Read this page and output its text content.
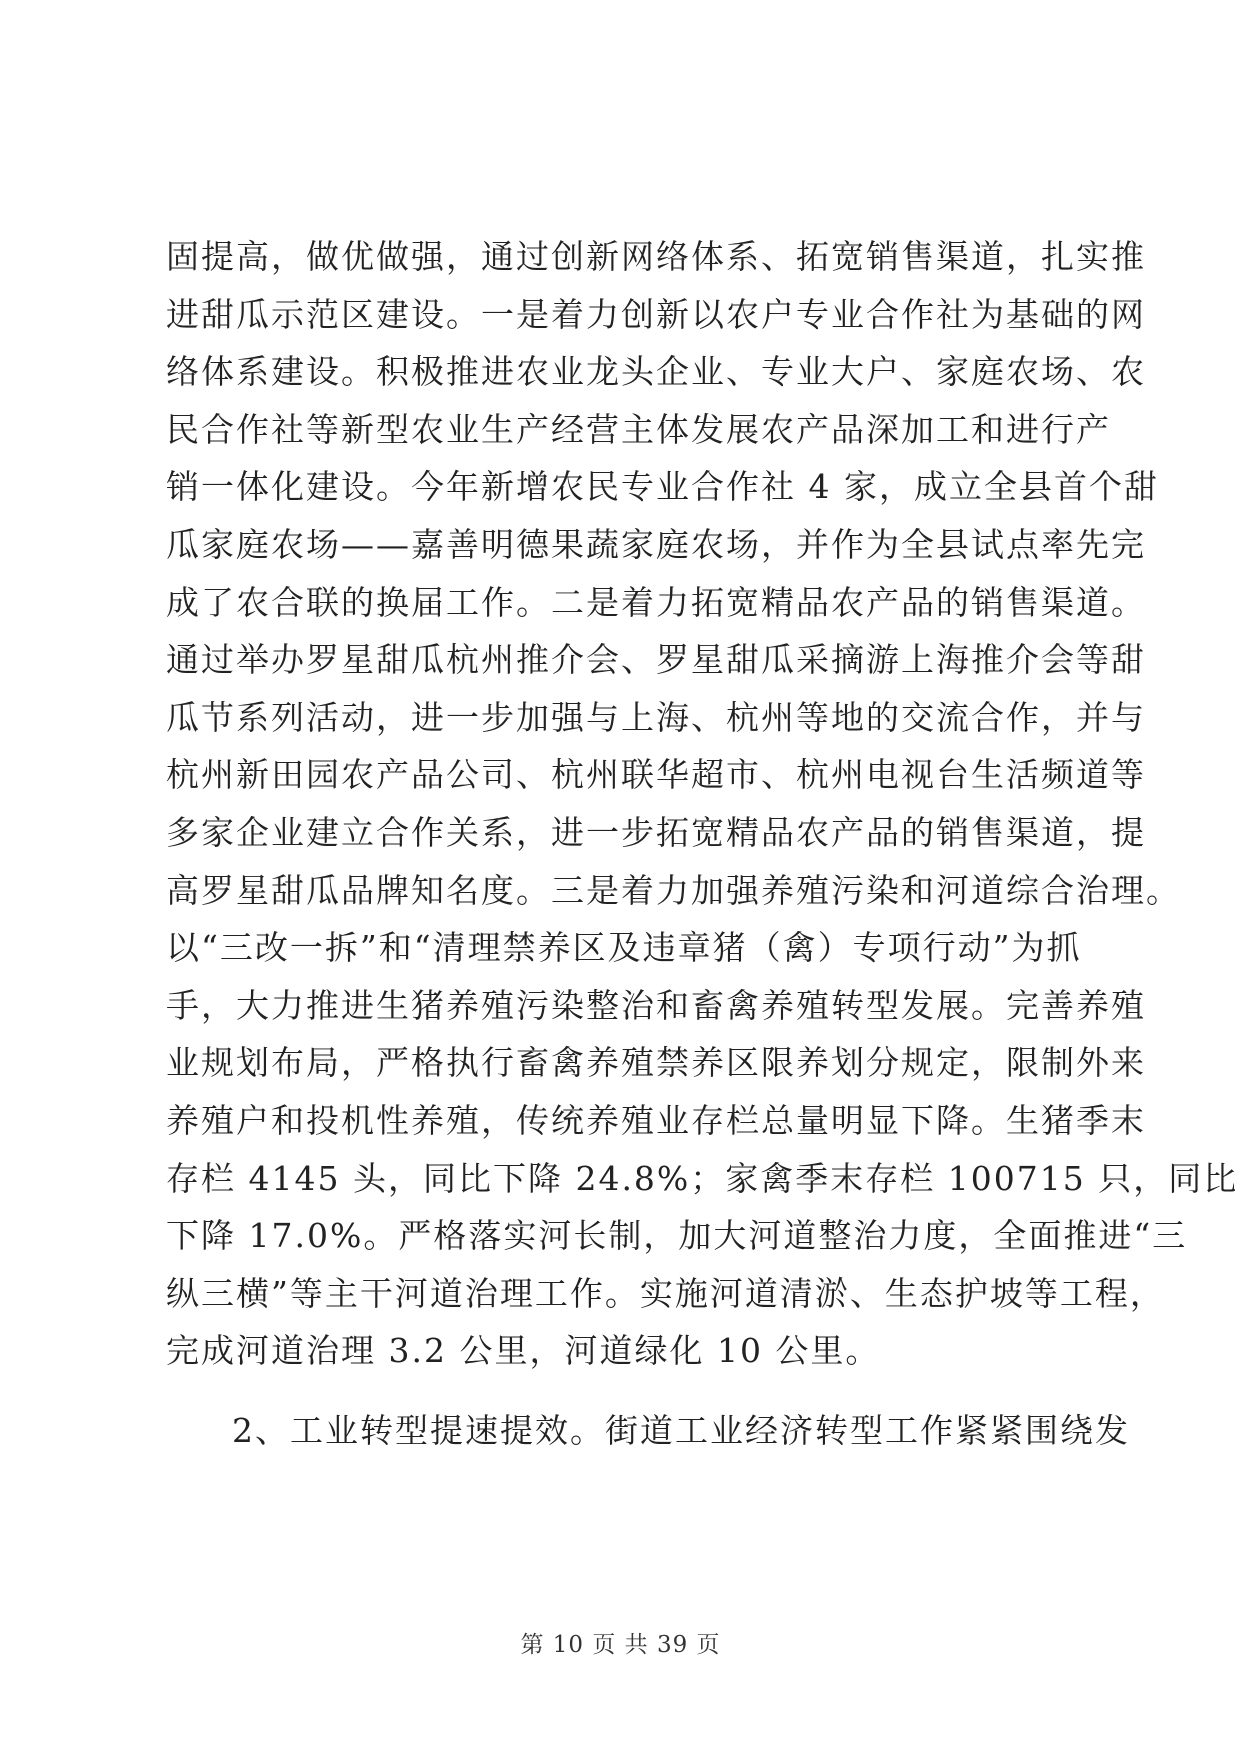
固提高，做优做强，通过创新网络体系、拓宽销售渠道，扎实推
进甜瓜示范区建设。一是着力创新以农户专业合作社为基础的网
络体系建设。积极推进农业龙头企业、专业大户、家庭农场、农
民合作社等新型农业生产经营主体发展农产品深加工和进行产
销一体化建设。今年新增农民专业合作社 4 家，成立全县首个甜
瓜家庭农场——嘉善明德果蔬家庭农场，并作为全县试点率先完
成了农合联的换届工作。二是着力拓宽精品农产品的销售渠道。
通过举办罗星甜瓜杭州推介会、罗星甜瓜采摘游上海推介会等甜
瓜节系列活动，进一步加强与上海、杭州等地的交流合作，并与
杭州新田园农产品公司、杭州联华超市、杭州电视台生活频道等
多家企业建立合作关系，进一步拓宽精品农产品的销售渠道，提
高罗星甜瓜品牌知名度。三是着力加强养殖污染和河道综合治理。
以“三改一拆”和“清理禁养区及违章猪（禽）专项行动”为抓
手，大力推进生猪养殖污染整治和畜禽养殖转型发展。完善养殖
业规划布局，严格执行畜禽养殖禁养区限养划分规定，限制外来
养殖户和投机性养殖，传统养殖业存栏总量明显下降。生猪季末
存栏 4145 头，同比下降 24.8%；家禽季末存栏 100715 只，同比
下降 17.0%。严格落实河长制，加大河道整治力度，全面推进“三
纵三横”等主干河道治理工作。实施河道清淤、生态护坡等工程，
完成河道治理 3.2 公里，河道绿化 10 公里。
2、工业转型提速提效。街道工业经济转型工作紧紧围绕发
第 10 页 共 39 页
